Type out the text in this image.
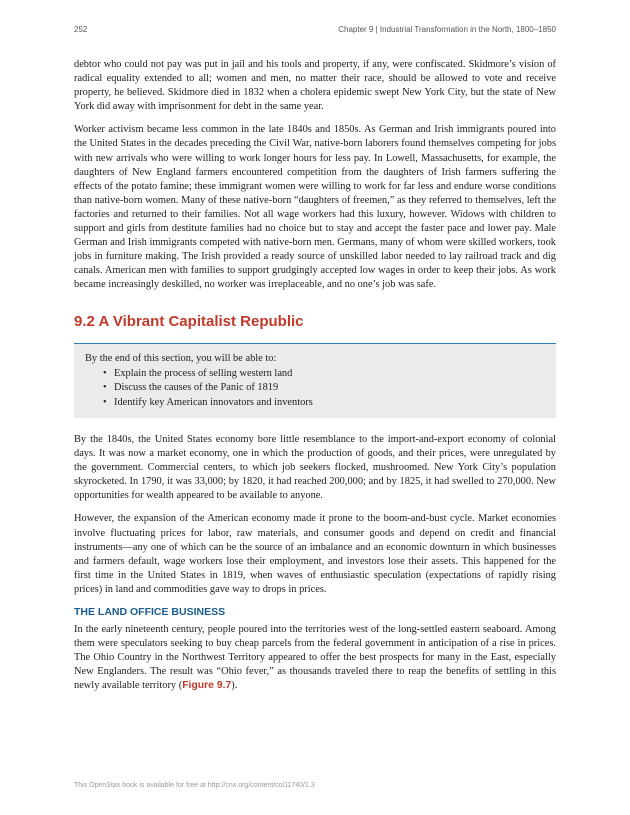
252	Chapter 9 | Industrial Transformation in the North, 1800–1850

debtor who could not pay was put in jail and his tools and property, if any, were confiscated. Skidmore’s vision of radical equality extended to all; women and men, no matter their race, should be allowed to vote and receive property, he believed. Skidmore died in 1832 when a cholera epidemic swept New York City, but the state of New York did away with imprisonment for debt in the same year.

Worker activism became less common in the late 1840s and 1850s. As German and Irish immigrants poured into the United States in the decades preceding the Civil War, native-born laborers found themselves competing for jobs with new arrivals who were willing to work longer hours for less pay. In Lowell, Massachusetts, for example, the daughters of New England farmers encountered competition from the daughters of Irish farmers suffering the effects of the potato famine; these immigrant women were willing to work for far less and endure worse conditions than native-born women. Many of these native-born “daughters of freemen,” as they referred to themselves, left the factories and returned to their families. Not all wage workers had this luxury, however. Widows with children to support and girls from destitute families had no choice but to stay and accept the faster pace and lower pay. Male German and Irish immigrants competed with native-born men. Germans, many of whom were skilled workers, took jobs in furniture making. The Irish provided a ready source of unskilled labor needed to lay railroad track and dig canals. American men with families to support grudgingly accepted low wages in order to keep their jobs. As work became increasingly deskilled, no worker was irreplaceable, and no one’s job was safe.

9.2 A Vibrant Capitalist Republic
By the end of this section, you will be able to:
• Explain the process of selling western land
• Discuss the causes of the Panic of 1819
• Identify key American innovators and inventors

By the 1840s, the United States economy bore little resemblance to the import-and-export economy of colonial days. It was now a market economy, one in which the production of goods, and their prices, were unregulated by the government. Commercial centers, to which job seekers flocked, mushroomed. New York City’s population skyrocketed. In 1790, it was 33,000; by 1820, it had reached 200,000; and by 1825, it had swelled to 270,000. New opportunities for wealth appeared to be available to anyone.

However, the expansion of the American economy made it prone to the boom-and-bust cycle. Market economies involve fluctuating prices for labor, raw materials, and consumer goods and depend on credit and financial instruments—any one of which can be the source of an imbalance and an economic downturn in which businesses and farmers default, wage workers lose their employment, and investors lose their assets. This happened for the first time in the United States in 1819, when waves of enthusiastic speculation (expectations of rapidly rising prices) in land and commodities gave way to drops in prices.

THE LAND OFFICE BUSINESS

In the early nineteenth century, people poured into the territories west of the long-settled eastern seaboard. Among them were speculators seeking to buy cheap parcels from the federal government in anticipation of a rise in prices. The Ohio Country in the Northwest Territory appeared to offer the best prospects for many in the East, especially New Englanders. The result was “Ohio fever,” as thousands traveled there to reap the benefits of settling in this newly available territory (Figure 9.7).

This OpenStax book is available for free at http://cnx.org/content/col11740/1.3
